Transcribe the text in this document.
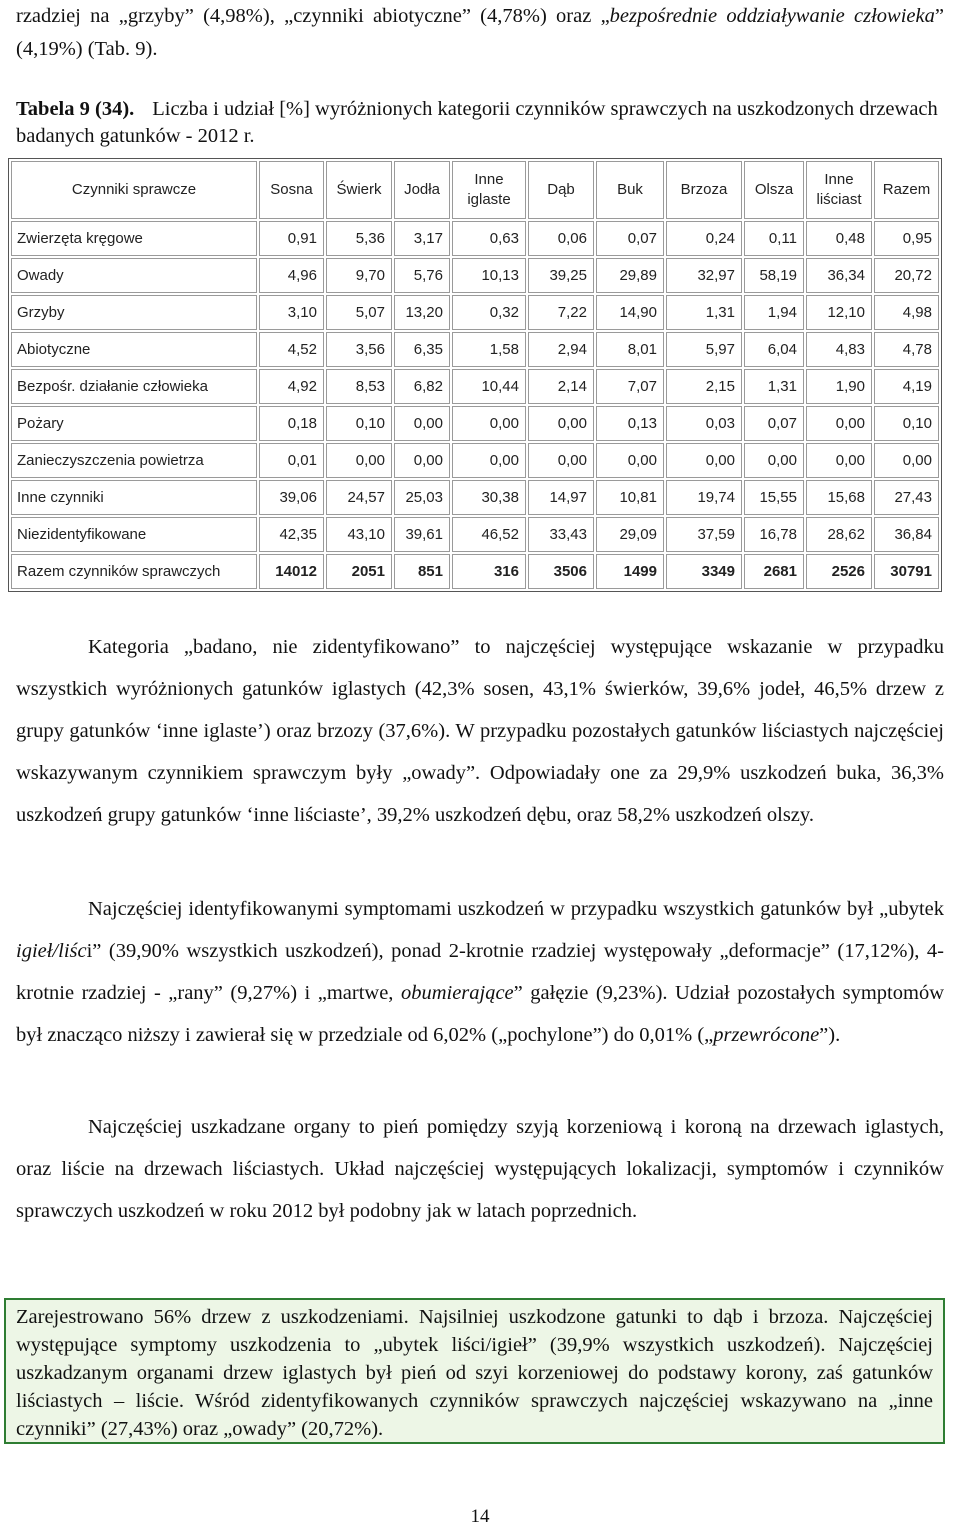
rzadziej na „grzyby” (4,98%), „czynniki abiotyczne” (4,78%) oraz „bezpośrednie oddziaływanie człowieka” (4,19%) (Tab. 9).
Tabela 9 (34). Liczba i udział [%] wyróżnionych kategorii czynników sprawczych na uszkodzonych drzewach badanych gatunków - 2012 r.
Czynniki sprawcze	Sosna	Świerk	Jodła	Inne iglaste	Dąb	Buk	Brzoza	Olsza	Inne liściast	Razem
Zwierzęta kręgowe	0,91	5,36	3,17	0,63	0,06	0,07	0,24	0,11	0,48	0,95
Owady	4,96	9,70	5,76	10,13	39,25	29,89	32,97	58,19	36,34	20,72
Grzyby	3,10	5,07	13,20	0,32	7,22	14,90	1,31	1,94	12,10	4,98
Abiotyczne	4,52	3,56	6,35	1,58	2,94	8,01	5,97	6,04	4,83	4,78
Bezpośr. działanie człowieka	4,92	8,53	6,82	10,44	2,14	7,07	2,15	1,31	1,90	4,19
Pożary	0,18	0,10	0,00	0,00	0,00	0,13	0,03	0,07	0,00	0,10
Zanieczyszczenia powietrza	0,01	0,00	0,00	0,00	0,00	0,00	0,00	0,00	0,00	0,00
Inne czynniki	39,06	24,57	25,03	30,38	14,97	10,81	19,74	15,55	15,68	27,43
Niezidentyfikowane	42,35	43,10	39,61	46,52	33,43	29,09	37,59	16,78	28,62	36,84
Razem czynników sprawczych	14012	2051	851	316	3506	1499	3349	2681	2526	30791
Kategoria „badano, nie zidentyfikowano” to najczęściej występujące wskazanie w przypadku wszystkich wyróżnionych gatunków iglastych (42,3% sosen, 43,1% świerków, 39,6% jodeł, 46,5% drzew z grupy gatunków ‘inne iglaste’) oraz brzozy (37,6%). W przypadku pozostałych gatunków liściastych najczęściej wskazywanym czynnikiem sprawczym były „owady”. Odpowiadały one za 29,9% uszkodzeń buka, 36,3% uszkodzeń grupy gatunków ‘inne liściaste’, 39,2% uszkodzeń dębu, oraz 58,2% uszkodzeń olszy.
Najczęściej identyfikowanymi symptomami uszkodzeń w przypadku wszystkich gatunków był „ubytek igieł/liści” (39,90% wszystkich uszkodzeń), ponad 2-krotnie rzadziej występowały „deformacje” (17,12%), 4-krotnie rzadziej - „rany” (9,27%) i „martwe, obumierające” gałęzie (9,23%). Udział pozostałych symptomów był znacząco niższy i zawierał się w przedziale od 6,02% („pochylone”) do 0,01% („przewrócone”).
Najczęściej uszkadzane organy to pień pomiędzy szyją korzeniową i koroną na drzewach iglastych, oraz liście na drzewach liściastych. Układ najczęściej występujących lokalizacji, symptomów i czynników sprawczych uszkodzeń w roku 2012 był podobny jak w latach poprzednich.
Zarejestrowano 56% drzew z uszkodzeniami. Najsilniej uszkodzone gatunki to dąb i brzoza. Najczęściej występujące symptomy uszkodzenia to „ubytek liści/igieł” (39,9% wszystkich uszkodzeń). Najczęściej uszkadzanym organami drzew iglastych był pień od szyi korzeniowej do podstawy korony, zaś gatunków liściastych – liście. Wśród zidentyfikowanych czynników sprawczych najczęściej wskazywano na „inne czynniki” (27,43%) oraz „owady” (20,72%).
14
